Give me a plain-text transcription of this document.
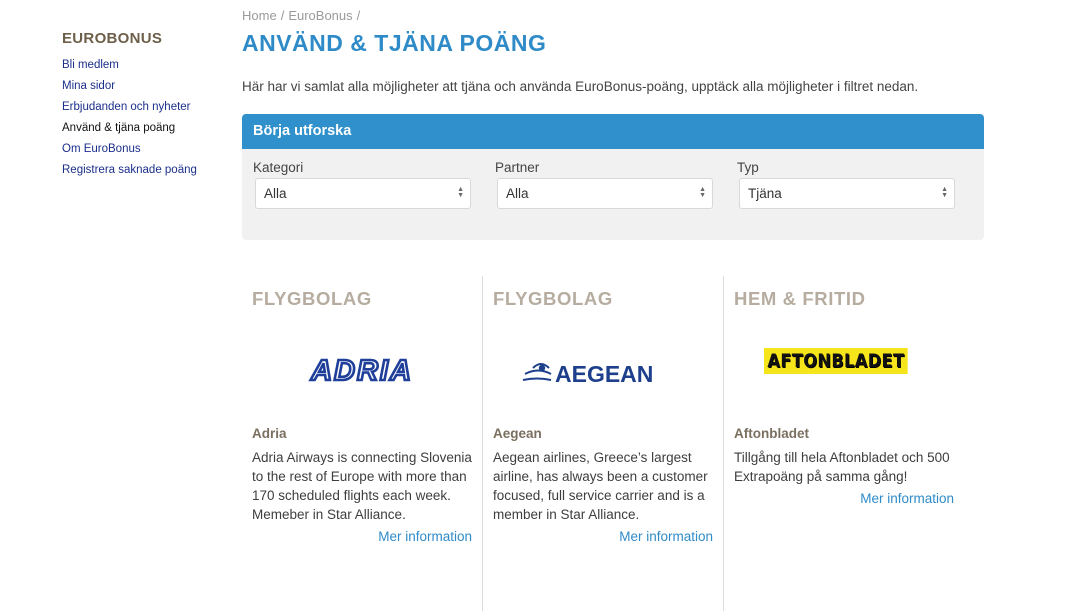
EUROBONUS
Bli medlem
Mina sidor
Erbjudanden och nyheter
Använd & tjäna poäng
Om EuroBonus
Registrera saknade poäng
Home / EuroBonus /
ANVÄND & TJÄNA POÄNG
Här har vi samlat alla möjligheter att tjäna och använda EuroBonus-poäng, upptäck alla möjligheter i filtret nedan.
Börja utforska
Kategori
Alla	▲
▼
Partner
Alla	▲
▼
Typ
Tjäna	▲
▼
FLYGBOLAG
ADRIA
Adria
Adria Airways is connecting Slovenia to the rest of Europe with more than 170 scheduled flights each week. Memeber in Star Alliance.
Mer information
FLYGBOLAG
AEGEAN
Aegean
Aegean airlines, Greece’s largest airline, has always been a customer focused, full service carrier and is a member in Star Alliance.
Mer information
HEM & FRITID
AFTONBLADET
Aftonbladet
Tillgång till hela Aftonbladet och 500 Extrapoäng på samma gång!
Mer information
